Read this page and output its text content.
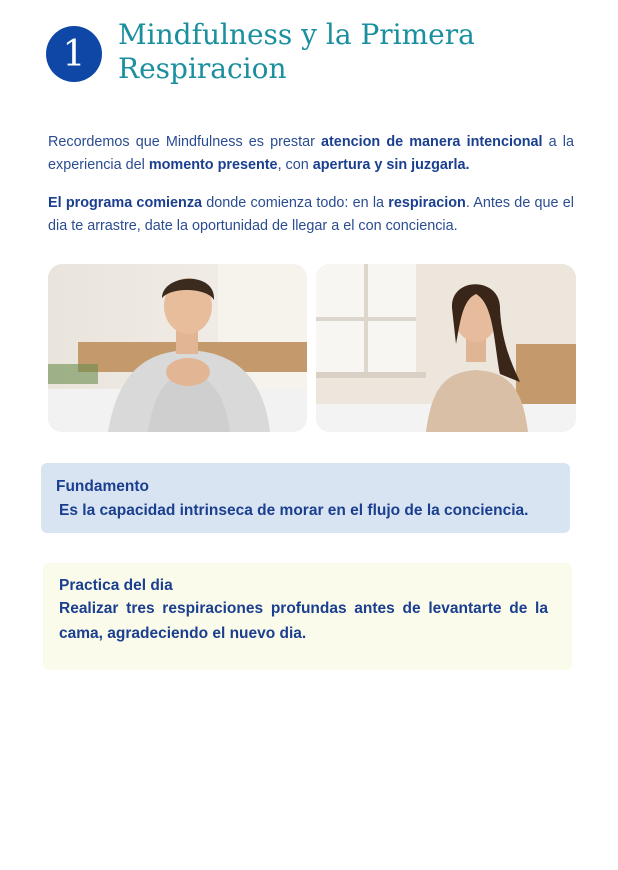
1	Mindfulness y la Primera
Respiracion

Recordemos que Mindfulness es prestar atencion de manera intencional a la experiencia del momento presente, con apertura y sin juzgarla.

El programa comienza donde comienza todo: en la respiracion. Antes de que el dia te arrastre, date la oportunidad de llegar a el con conciencia.

Fundamento
Es la capacidad intrinseca de morar en el flujo de la conciencia.
Practica del dia
Realizar tres respiraciones profundas antes de levantarte de la cama, agradeciendo el nuevo dia.
